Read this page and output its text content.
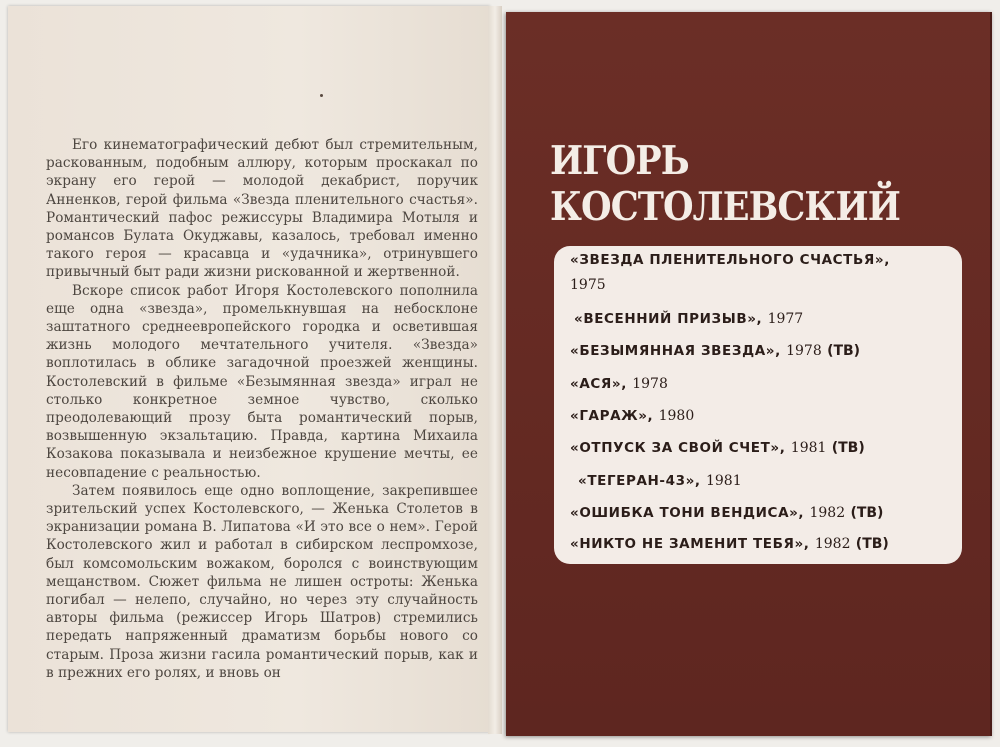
Его кинематографический дебют был стремительным, раскованным, подобным аллюру, которым проскакал по экрану его герой — молодой декабрист, поручик Анненков, герой фильма «Звезда пленительного счастья». Романтический пафос режиссуры Владимира Мотыля и романсов Булата Окуджавы, казалось, требовал именно такого героя — красавца и «удачника», отринувшего привычный быт ради жизни рискованной и жертвенной.

Вскоре список работ Игоря Костолевского пополнила еще одна «звезда», промелькнувшая на небосклоне заштатного среднеевропейского городка и осветившая жизнь молодого мечтательного учителя. «Звезда» воплотилась в облике загадочной проезжей женщины. Костолевский в фильме «Безымянная звезда» играл не столько конкретное земное чувство, сколько преодолевающий прозу быта романтический порыв, возвышенную экзальтацию. Правда, картина Михаила Козакова показывала и неизбежное крушение мечты, ее несовпадение с реальностью.

Затем появилось еще одно воплощение, закрепившее зрительский успех Костолевского, — Женька Столетов в экранизации романа В. Липатова «И это все о нем». Герой Костолевского жил и работал в сибирском леспромхозе, был комсомольским вожаком, боролся с воинствующим мещанством. Сюжет фильма не лишен остроты: Женька погибал — нелепо, случайно, но через эту случайность авторы фильма (режиссер Игорь Шатров) стремились передать напряженный драматизм борьбы нового со старым. Проза жизни гасила романтический порыв, как и в прежних его ролях, и вновь он

ИГОРЬ
КОСТОЛЕВСКИЙ
«ЗВЕЗДА ПЛЕНИТЕЛЬНОГО СЧАСТЬЯ»,
1975
«ВЕСЕННИЙ ПРИЗЫВ», 1977
«БЕЗЫМЯННАЯ ЗВЕЗДА», 1978 (ТВ)
«АСЯ», 1978
«ГАРАЖ», 1980
«ОТПУСК ЗА СВОЙ СЧЕТ», 1981 (ТВ)
«ТЕГЕРАН-43», 1981
«ОШИБКА ТОНИ ВЕНДИСА», 1982 (ТВ)
«НИКТО НЕ ЗАМЕНИТ ТЕБЯ», 1982 (ТВ)
